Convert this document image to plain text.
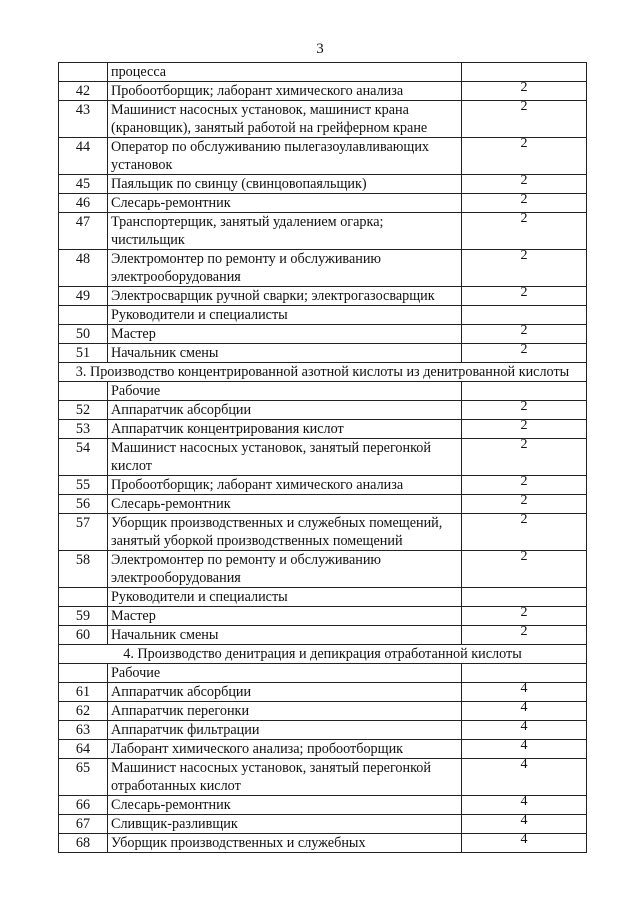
3
	процесса	
42	Пробоотборщик; лаборант химического анализа	2
43	Машинист насосных установок, машинист крана (крановщик), занятый работой на грейферном кране	2
44	Оператор по обслуживанию пылегазоулавливающих установок	2
45	Паяльщик по свинцу (свинцовопаяльщик)	2
46	Слесарь-ремонтник	2
47	Транспортерщик, занятый удалением огарка; чистильщик	2
48	Электромонтер по ремонту и обслуживанию электрооборудования	2
49	Электросварщик ручной сварки; электрогазосварщик	2
	Руководители и специалисты	
50	Мастер	2
51	Начальник смены	2
3. Производство концентрированной азотной кислоты из денитрованной кислоты		
	Рабочие	
52	Аппаратчик абсорбции	2
53	Аппаратчик концентрирования кислот	2
54	Машинист насосных установок, занятый перегонкой кислот	2
55	Пробоотборщик; лаборант химического анализа	2
56	Слесарь-ремонтник	2
57	Уборщик производственных и служебных помещений, занятый уборкой производственных помещений	2
58	Электромонтер по ремонту и обслуживанию электрооборудования	2
	Руководители и специалисты	
59	Мастер	2
60	Начальник смены	2
4. Производство денитрация и депикрация отработанной кислоты		
	Рабочие	
61	Аппаратчик абсорбции	4
62	Аппаратчик перегонки	4
63	Аппаратчик фильтрации	4
64	Лаборант химического анализа; пробоотборщик	4
65	Машинист насосных установок, занятый перегонкой отработанных кислот	4
66	Слесарь-ремонтник	4
67	Сливщик-разливщик	4
68	Уборщик производственных и служебных	4
